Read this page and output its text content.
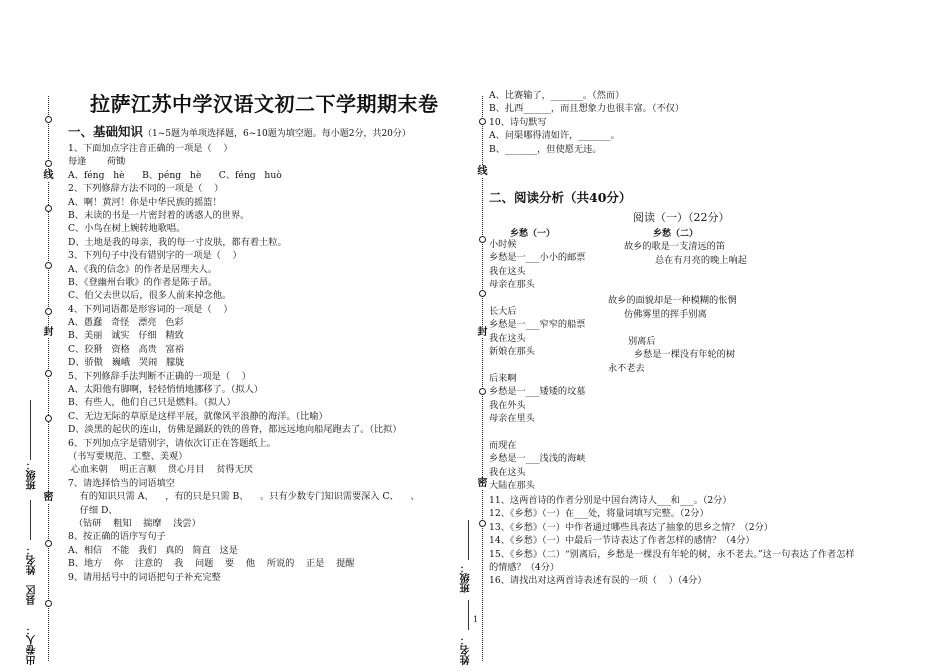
线
封
密
班级：
姓名：
县区
出卷人：
线
封
密
班级：
姓名：
拉萨江苏中学汉语文初二下学期期末卷
一、基础知识（1~5题为单项选择题，6~10题为填空题。每小题2分，共20分）
1、下面加点字注音正确的一项是（    ）
每逢       荷锄
A、féng   hè      B、péng   hè      C、féng   huò
2、下列修辞方法不同的一项是（    ）
A、啊！黄河！你是中华民族的摇篮！
B、未读的书是一片密封着的诱惑人的世界。
C、小鸟在树上婉转地歌唱。
D、土地是我的母亲，我的每一寸皮肤，都有着土粒。
3、下列句子中没有错别字的一项是（    ）
A、《我的信念》的作者是居理夫人。
B、《登幽州台歌》的作者是陈子昂。
C、伯父去世以后，很多人前来掉念他。
4、下列词语都是形容词的一项是（    ）
A、愚蠢   奇怪   漂亮   色彩
B、美丽   诚实   仔细   精致
C、狡猾   资格   高贵   富裕
D、骄傲   巍峨   哭闹   朦胧
5、下列修辞手法判断不正确的一项是（    ）
A、太阳他有脚啊，轻轻悄悄地挪移了。（拟人）
B、有些人，他们自己只是燃料。（拟人）
C、无边无际的草原是这样平展，就像风平浪静的海洋。（比喻）
D、淡黑的起伏的连山，仿佛是踊跃的铁的兽脊，都远远地向船尾跑去了。（比拟）
6、下列加点字是错别字，请依次订正在答题纸上。
（书写要规范、工整、美观）
心血来朝    明正言顺    贯心月目    贫得无厌
7、请选择恰当的词语填空
有的知识只需 A、    ，有的只是只需 B、    。只有少数专门知识需要深入 C、    、
仔细 D、
（钻研    粗知    揣摩    浅尝）
8、按正确的语序写句子
A、相信   不能   我们   真的   简直   这是
B、地方    你    注意的    我    问题    要    他    所说的    正是    提醒
9、请用括号中的词语把句子补充完整
A、比赛输了，_______。（然而）
B、扎西______，而且想象力也很丰富。（不仅）
10、诗句默写
A、问渠哪得清如许，_______。
B、_______，但使愿无违。
二、阅读分析（共40分）
阅读（一）（22分）
乡愁（一）	乡愁（二）
小时候
乡愁是一___小小的邮票
我在这头
母亲在那头
长大后
乡愁是一___窄窄的船票
我在这头
新娘在那头
后来啊
乡愁是一___矮矮的坟墓
我在外头
母亲在里头
而现在
乡愁是一___浅浅的海峡
我在这头
大陆在那头
故乡的歌是一支清远的笛
总在有月亮的晚上响起
故乡的面貌却是一种模糊的怅惘
仿佛雾里的挥手别离
别离后
乡愁是一棵没有年轮的树
永不老去
11、这两首诗的作者分别是中国台湾诗人___和___。（2分）
12、《乡愁》（一）在___处，将量词填写完整。（2分）
13、《乡愁》（一）中作者通过哪些具表达了抽象的思乡之情？（2分）
14、《乡愁》（一）中最后一节诗表达了作者怎样的感情？（4分）
15、《乡愁》（二）“别离后，乡愁是一棵没有年轮的树，永不老去。”这一句表达了作者怎样
的情感？（4分）
16、请找出对这两首诗表述有误的一项（    ）（4分）
1
